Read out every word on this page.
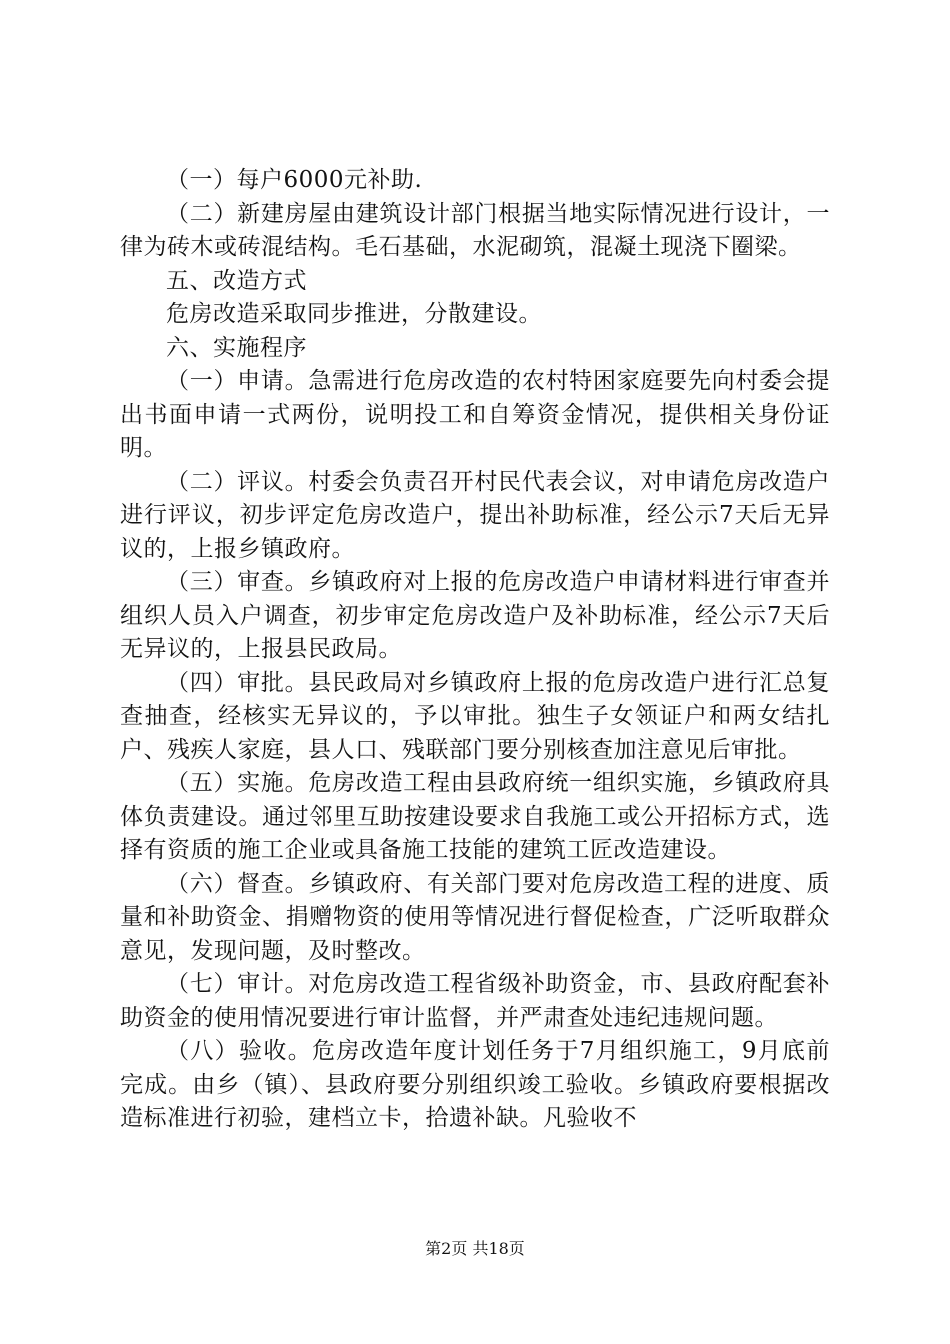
（一）每户6000元补助.

（二）新建房屋由建筑设计部门根据当地实际情况进行设计，一律为砖木或砖混结构。毛石基础，水泥砌筑，混凝土现浇下圈梁。

五、改造方式

危房改造采取同步推进，分散建设。

六、实施程序

（一）申请。急需进行危房改造的农村特困家庭要先向村委会提出书面申请一式两份，说明投工和自筹资金情况，提供相关身份证明。

（二）评议。村委会负责召开村民代表会议，对申请危房改造户进行评议，初步评定危房改造户，提出补助标准，经公示7天后无异议的，上报乡镇政府。

（三）审查。乡镇政府对上报的危房改造户申请材料进行审查并组织人员入户调查，初步审定危房改造户及补助标准，经公示7天后无异议的，上报县民政局。

（四）审批。县民政局对乡镇政府上报的危房改造户进行汇总复查抽查，经核实无异议的，予以审批。独生子女领证户和两女结扎户、残疾人家庭，县人口、残联部门要分别核查加注意见后审批。

（五）实施。危房改造工程由县政府统一组织实施，乡镇政府具体负责建设。通过邻里互助按建设要求自我施工或公开招标方式，选择有资质的施工企业或具备施工技能的建筑工匠改造建设。

（六）督查。乡镇政府、有关部门要对危房改造工程的进度、质量和补助资金、捐赠物资的使用等情况进行督促检查，广泛听取群众意见，发现问题，及时整改。

（七）审计。对危房改造工程省级补助资金，市、县政府配套补助资金的使用情况要进行审计监督，并严肃查处违纪违规问题。

（八）验收。危房改造年度计划任务于7月组织施工，9月底前完成。由乡（镇）、县政府要分别组织竣工验收。乡镇政府要根据改造标准进行初验，建档立卡，拾遗补缺。凡验收不

第2页 共18页
